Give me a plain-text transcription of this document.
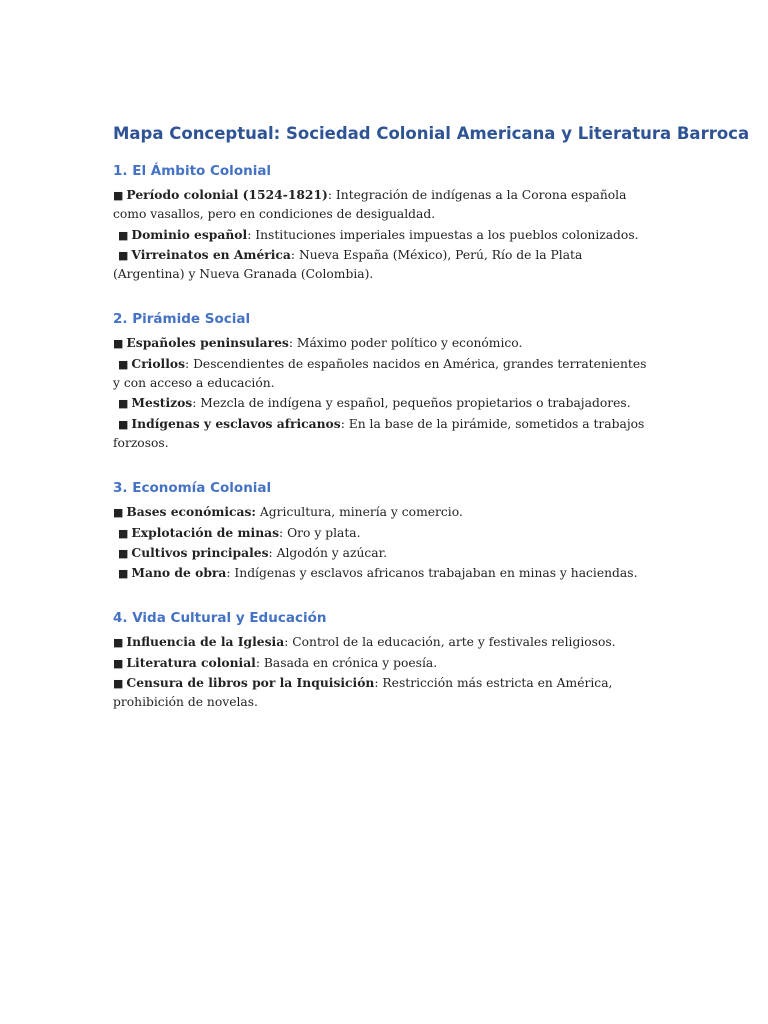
Mapa Conceptual: Sociedad Colonial Americana y Literatura Barroca
1. El Ámbito Colonial

■ Período colonial (1524-1821): Integración de indígenas a la Corona española como vasallos, pero en condiciones de desigualdad.

■ Dominio español: Instituciones imperiales impuestas a los pueblos colonizados.

■ Virreinatos en América: Nueva España (México), Perú, Río de la Plata (Argentina) y Nueva Granada (Colombia).

2. Pirámide Social

■ Españoles peninsulares: Máximo poder político y económico.

■ Criollos: Descendientes de españoles nacidos en América, grandes terratenientes y con acceso a educación.

■ Mestizos: Mezcla de indígena y español, pequeños propietarios o trabajadores.

■ Indígenas y esclavos africanos: En la base de la pirámide, sometidos a trabajos forzosos.

3. Economía Colonial

■ Bases económicas: Agricultura, minería y comercio.

■ Explotación de minas: Oro y plata.

■ Cultivos principales: Algodón y azúcar.

■ Mano de obra: Indígenas y esclavos africanos trabajaban en minas y haciendas.

4. Vida Cultural y Educación

■ Influencia de la Iglesia: Control de la educación, arte y festivales religiosos.

■ Literatura colonial: Basada en crónica y poesía.

■ Censura de libros por la Inquisición: Restricción más estricta en América, prohibición de novelas.
